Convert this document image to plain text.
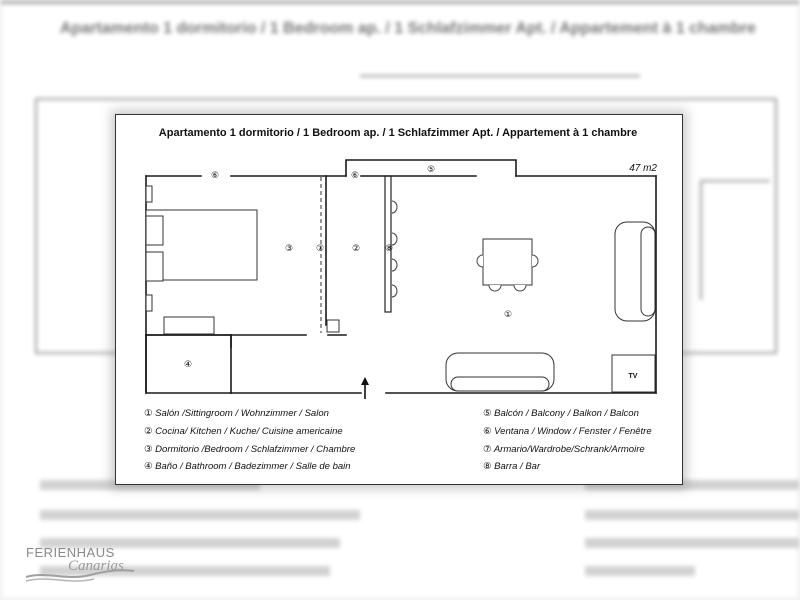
Apartamento 1 dormitorio / 1 Bedroom ap. / 1 Schlafzimmer Apt. / Appartement à 1 chambre
Apartamento 1 dormitorio / 1 Bedroom ap. / 1 Schlafzimmer Apt. / Appartement à 1 chambre
47 m2
TV
⑥	⑥
⑤
③	⑦	②	⑧
①
④
① Salón /Sittingroom / Wohnzimmer / Salon
② Cocina/ Kitchen / Kuche/ Cuisine americaine
③ Dormitorio /Bedroom / Schlafzimmer / Chambre
④ Baño / Bathroom / Badezimmer / Salle de bain
⑤ Balcón / Balcony / Balkon / Balcon
⑥ Ventana / Window / Fenster / Fenêtre
⑦ Armario/Wardrobe/Schrank/Armoire
⑧ Barra / Bar
FERIENHAUS
Canarias
